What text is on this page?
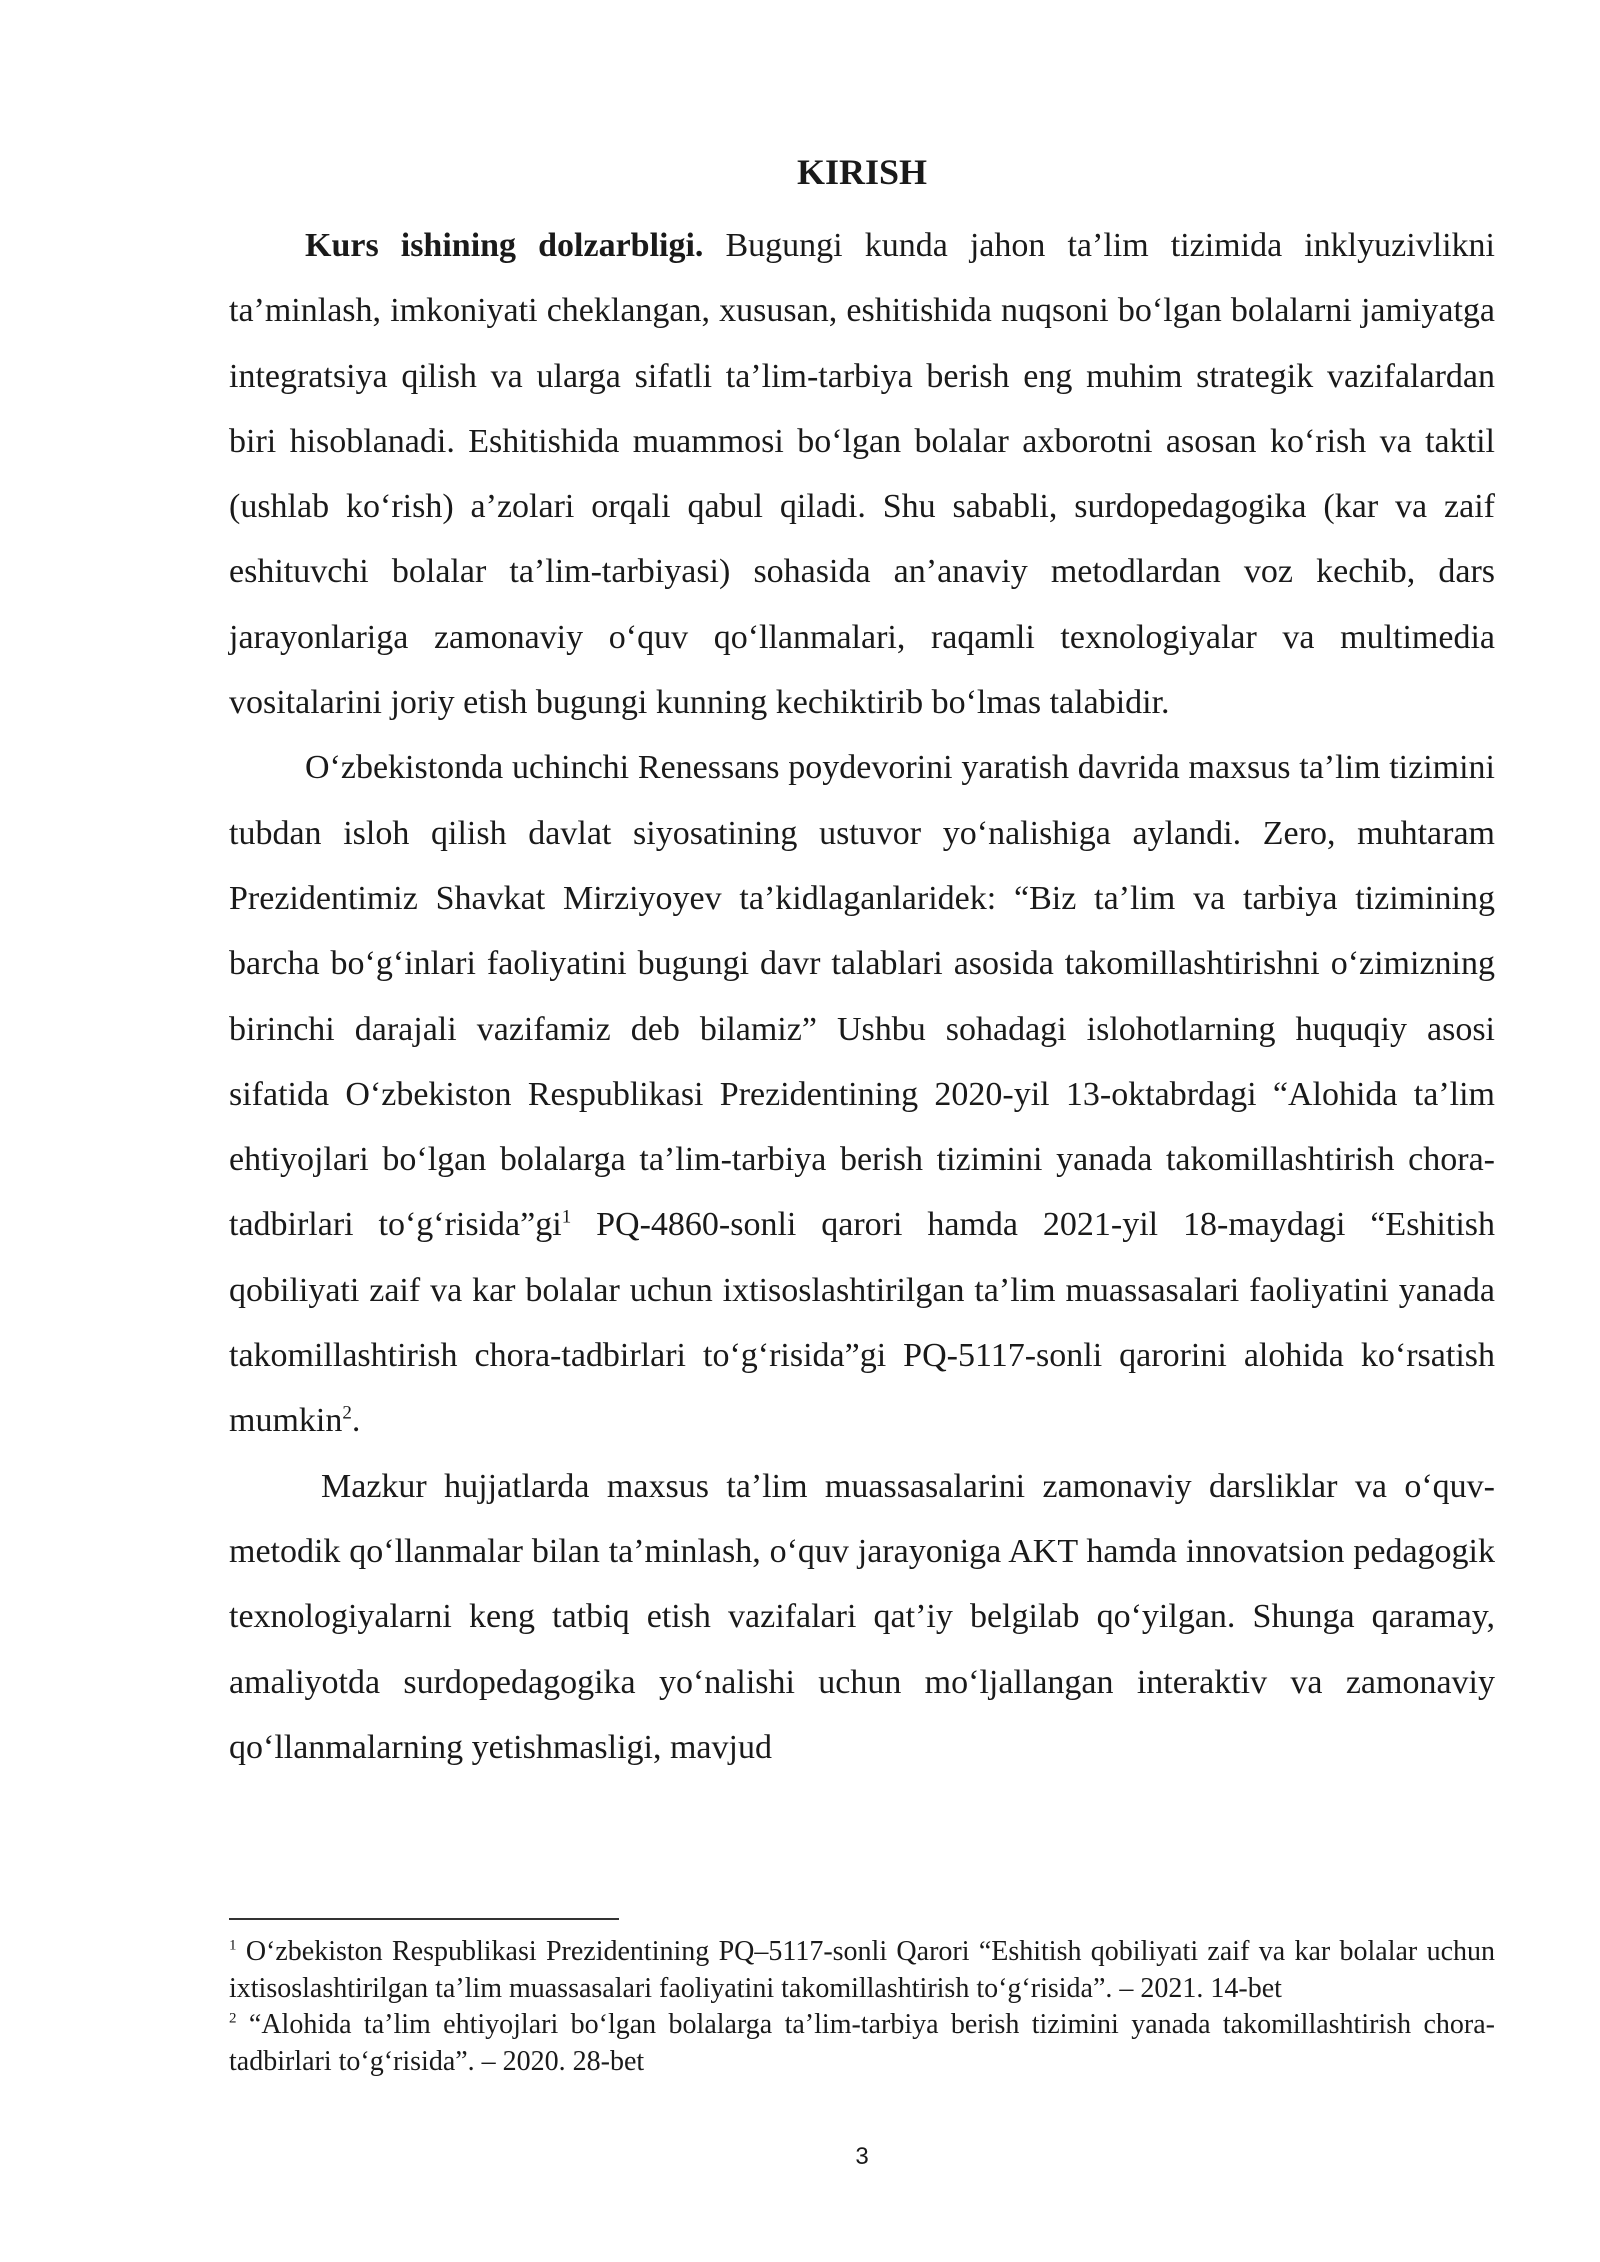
KIRISH

Kurs ishining dolzarbligi. Bugungi kunda jahon ta’lim tizimida inklyuzivlikni ta’minlash, imkoniyati cheklangan, xususan, eshitishida nuqsoni bo‘lgan bolalarni jamiyatga integratsiya qilish va ularga sifatli ta’lim-tarbiya berish eng muhim strategik vazifalardan biri hisoblanadi. Eshitishida muammosi bo‘lgan bolalar axborotni asosan ko‘rish va taktil (ushlab ko‘rish) a’zolari orqali qabul qiladi. Shu sababli, surdopedagogika (kar va zaif eshituvchi bolalar ta’lim-tarbiyasi) sohasida an’anaviy metodlardan voz kechib, dars jarayonlariga zamonaviy o‘quv qo‘llanmalari, raqamli texnologiyalar va multimedia vositalarini joriy etish bugungi kunning kechiktirib bo‘lmas talabidir.

O‘zbekistonda uchinchi Renessans poydevorini yaratish davrida maxsus ta’lim tizimini tubdan isloh qilish davlat siyosatining ustuvor yo‘nalishiga aylandi. Zero, muhtaram Prezidentimiz Shavkat Mirziyoyev ta’kidlaganlaridek: “Biz ta’lim va tarbiya tizimining barcha bo‘g‘inlari faoliyatini bugungi davr talablari asosida takomillashtirishni o‘zimizning birinchi darajali vazifamiz deb bilamiz” Ushbu sohadagi islohotlarning huquqiy asosi sifatida O‘zbekiston Respublikasi Prezidentining 2020-yil 13-oktabrdagi “Alohida ta’lim ehtiyojlari bo‘lgan bolalarga ta’lim-tarbiya berish tizimini yanada takomillashtirish chora-tadbirlari $to‘g‘risida”gi^1$ PQ-4860-sonli qarori hamda 2021-yil 18-maydagi “Eshitish qobiliyati zaif va kar bolalar uchun ixtisoslashtirilgan ta’lim muassasalari faoliyatini yanada takomillashtirish chora-tadbirlari to‘g‘risida”gi PQ-5117-sonli qarorini alohida ko‘rsatish mumkin$^2$.

Mazkur hujjatlarda maxsus ta’lim muassasalarini zamonaviy darsliklar va o‘quv-metodik qo‘llanmalar bilan ta’minlash, o‘quv jarayoniga AKT hamda innovatsion pedagogik texnologiyalarni keng tatbiq etish vazifalari qat’iy belgilab qo‘yilgan. Shunga qaramay, amaliyotda surdopedagogika yo‘nalishi uchun mo‘ljallangan interaktiv va zamonaviy qo‘llanmalarning yetishmasligi, mavjud

$^1$ O‘zbekiston Respublikasi Prezidentining PQ–5117-sonli Qarori “Eshitish qobiliyati zaif va kar bolalar uchun ixtisoslashtirilgan ta’lim muassasalari faoliyatini takomillashtirish to‘g‘risida”. – 2021. 14-bet

$^2$ “Alohida ta’lim ehtiyojlari bo‘lgan bolalarga ta’lim-tarbiya berish tizimini yanada takomillashtirish chora-tadbirlari to‘g‘risida”. – 2020. 28-bet

3
